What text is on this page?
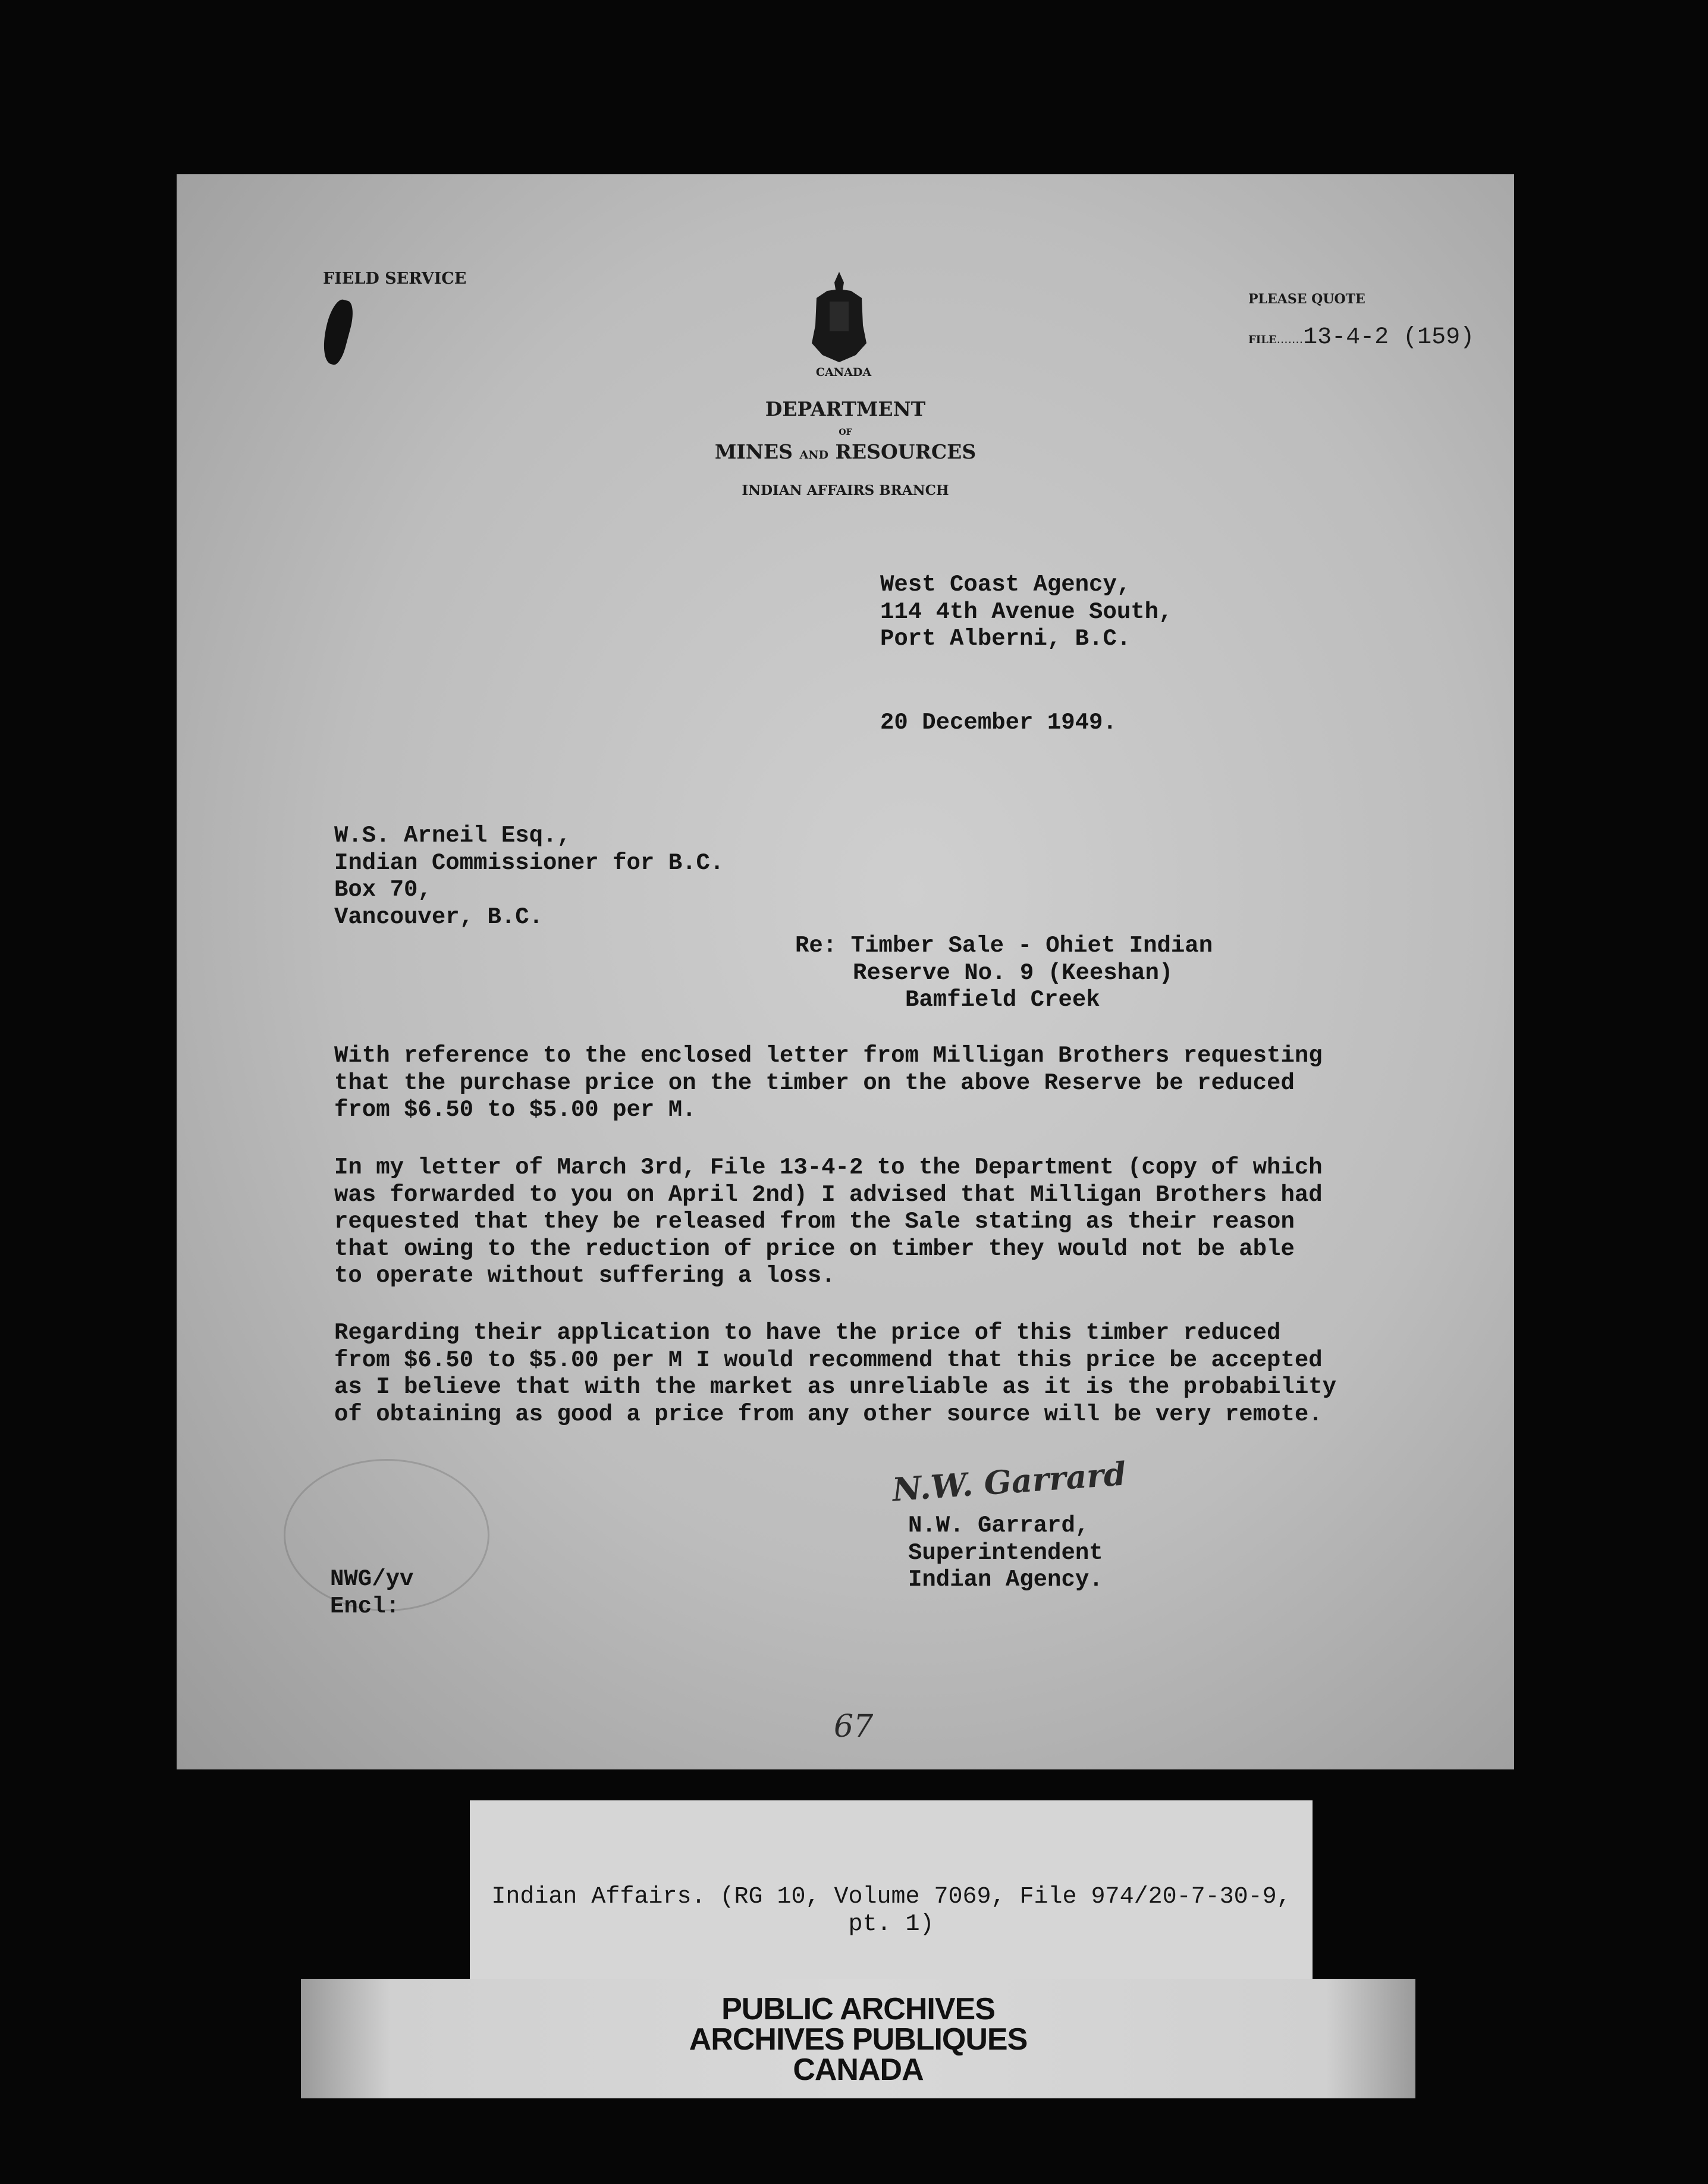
FIELD SERVICE
CANADA
DEPARTMENT
OF
MINES AND RESOURCES
INDIAN AFFAIRS BRANCH
PLEASE QUOTE
FILE.......13-4-2 (159)
West Coast Agency,
114 4th Avenue South,
Port Alberni, B.C.
20 December 1949.
W.S. Arneil Esq.,
Indian Commissioner for B.C.
Box 70,
Vancouver, B.C.
Re: Timber Sale - Ohiet Indian
Reserve No. 9 (Keeshan)
Bamfield Creek
With reference to the enclosed letter from Milligan Brothers requesting
that the purchase price on the timber on the above Reserve be reduced
from $6.50 to $5.00 per M.
In my letter of March 3rd, File 13-4-2 to the Department (copy of which
was forwarded to you on April 2nd) I advised that Milligan Brothers had
requested that they be released from the Sale stating as their reason
that owing to the reduction of price on timber they would not be able
to operate without suffering a loss.
Regarding their application to have the price of this timber reduced
from $6.50 to $5.00 per M I would recommend that this price be accepted
as I believe that with the market as unreliable as it is the probability
of obtaining as good a price from any other source will be very remote.
N.W. Garrard
N.W. Garrard,
Superintendent
Indian Agency.
NWG/yv
Encl:
67
Indian Affairs. (RG 10, Volume 7069, File 974/20-7-30-9,
pt. 1)
PUBLIC ARCHIVES
ARCHIVES PUBLIQUES
CANADA
